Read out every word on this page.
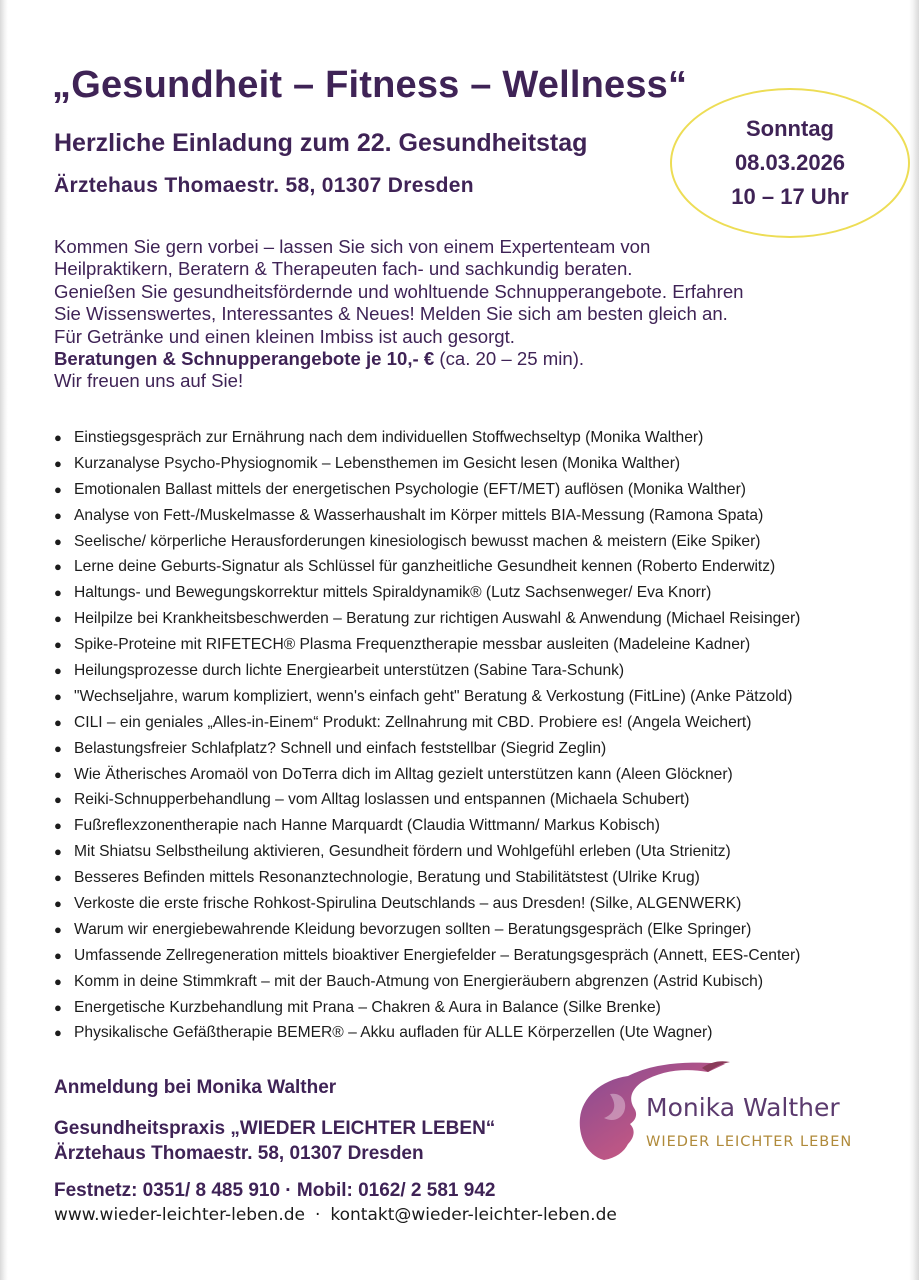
„Gesundheit – Fitness – Wellness“
Herzliche Einladung zum 22. Gesundheitstag
Ärztehaus Thomaestr. 58, 01307 Dresden
Sonntag
08.03.2026
10 – 17 Uhr
Kommen Sie gern vorbei – lassen Sie sich von einem Expertenteam von
Heilpraktikern, Beratern & Therapeuten fach- und sachkundig beraten.
Genießen Sie gesundheitsfördernde und wohltuende Schnupperangebote. Erfahren
Sie Wissenswertes, Interessantes & Neues! Melden Sie sich am besten gleich an.
Für Getränke und einen kleinen Imbiss ist auch gesorgt.
Beratungen & Schnupperangebote je 10,- € (ca. 20 – 25 min).
Wir freuen uns auf Sie!
● Einstiegsgespräch zur Ernährung nach dem individuellen Stoffwechseltyp (Monika Walther)
● Kurzanalyse Psycho-Physiognomik – Lebensthemen im Gesicht lesen (Monika Walther)
● Emotionalen Ballast mittels der energetischen Psychologie (EFT/MET) auflösen (Monika Walther)
● Analyse von Fett-/Muskelmasse & Wasserhaushalt im Körper mittels BIA-Messung (Ramona Spata)
● Seelische/ körperliche Herausforderungen kinesiologisch bewusst machen & meistern (Eike Spiker)
● Lerne deine Geburts-Signatur als Schlüssel für ganzheitliche Gesundheit kennen (Roberto Enderwitz)
● Haltungs- und Bewegungskorrektur mittels Spiraldynamik® (Lutz Sachsenweger/ Eva Knorr)
● Heilpilze bei Krankheitsbeschwerden – Beratung zur richtigen Auswahl & Anwendung (Michael Reisinger)
● Spike-Proteine mit RIFETECH® Plasma Frequenztherapie messbar ausleiten (Madeleine Kadner)
● Heilungsprozesse durch lichte Energiearbeit unterstützen (Sabine Tara-Schunk)
● "Wechseljahre, warum kompliziert, wenn's einfach geht" Beratung & Verkostung (FitLine) (Anke Pätzold)
● CILI – ein geniales „Alles-in-Einem“ Produkt: Zellnahrung mit CBD. Probiere es! (Angela Weichert)
● Belastungsfreier Schlafplatz? Schnell und einfach feststellbar (Siegrid Zeglin)
● Wie Ätherisches Aromaöl von DoTerra dich im Alltag gezielt unterstützen kann (Aleen Glöckner)
● Reiki-Schnupperbehandlung – vom Alltag loslassen und entspannen (Michaela Schubert)
● Fußreflexzonentherapie nach Hanne Marquardt (Claudia Wittmann/ Markus Kobisch)
● Mit Shiatsu Selbstheilung aktivieren, Gesundheit fördern und Wohlgefühl erleben (Uta Strienitz)
● Besseres Befinden mittels Resonanztechnologie, Beratung und Stabilitätstest (Ulrike Krug)
● Verkoste die erste frische Rohkost-Spirulina Deutschlands – aus Dresden! (Silke, ALGENWERK)
● Warum wir energiebewahrende Kleidung bevorzugen sollten – Beratungsgespräch (Elke Springer)
● Umfassende Zellregeneration mittels bioaktiver Energiefelder – Beratungsgespräch (Annett, EES-Center)
● Komm in deine Stimmkraft – mit der Bauch-Atmung von Energieräubern abgrenzen (Astrid Kubisch)
● Energetische Kurzbehandlung mit Prana – Chakren & Aura in Balance (Silke Brenke)
● Physikalische Gefäßtherapie BEMER® – Akku aufladen für ALLE Körperzellen (Ute Wagner)
Anmeldung bei Monika Walther
Gesundheitspraxis „WIEDER LEICHTER LEBEN“
Ärztehaus Thomaestr. 58, 01307 Dresden
Festnetz: 0351/ 8 485 910 · Mobil: 0162/ 2 581 942
www.wieder-leichter-leben.de · kontakt@wieder-leichter-leben.de
Monika Walther
WIEDER LEICHTER LEBEN
